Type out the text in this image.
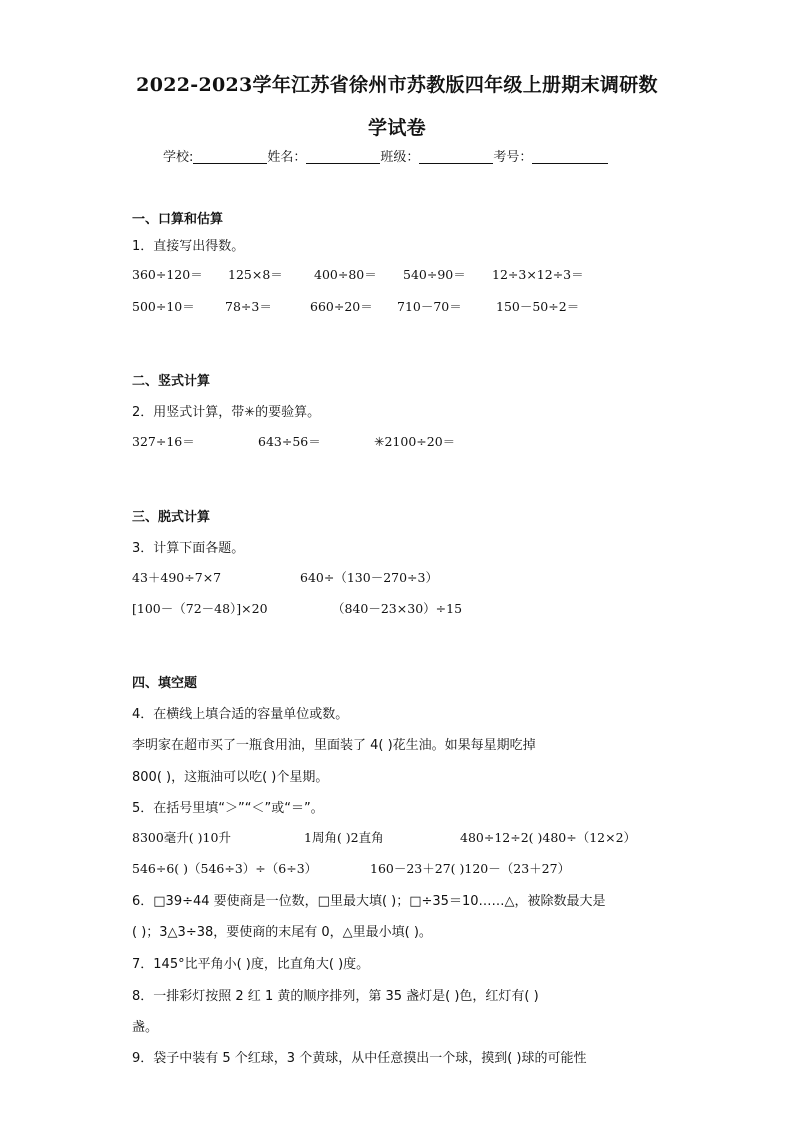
2022-2023学年江苏省徐州市苏教版四年级上册期末调研数
学试卷
学校:	姓名：	班级：	考号：
一、口算和估算
1．直接写出得数。
360÷120＝ 125×8＝ 400÷80＝ 540÷90＝ 12÷3×12÷3＝
500÷10＝ 78÷3＝	660÷20＝ 710－70＝	150－50÷2＝
二、竖式计算
2．用竖式计算，带✳的要验算。
327÷16＝	643÷56＝	✳2100÷20＝
三、脱式计算
3．计算下面各题。
43＋490÷7×7	640÷（130－270÷3）
[100－（72－48）]×20	（840－23×30）÷15
四、填空题
4．在横线上填合适的容量单位或数。
李明家在超市买了一瓶食用油，里面装了 4( )花生油。如果每星期吃掉
800( )，这瓶油可以吃( )个星期。
5．在括号里填“＞”“＜”或“＝”。
8300毫升( )10升	1周角( )2直角	480÷12÷2( )480÷（12×2）
546÷6( )（546÷3）÷（6÷3）	160－23＋27( )120－（23＋27）
6．□39÷44 要使商是一位数，□里最大填( )；□÷35＝10……△，被除数最大是
( )；3△3÷38，要使商的末尾有 0，△里最小填( )。
7．145°比平角小( )度，比直角大( )度。
8．一排彩灯按照 2 红 1 黄的顺序排列，第 35 盏灯是( )色，红灯有( )
盏。
9．袋子中装有 5 个红球，3 个黄球，从中任意摸出一个球，摸到( )球的可能性
